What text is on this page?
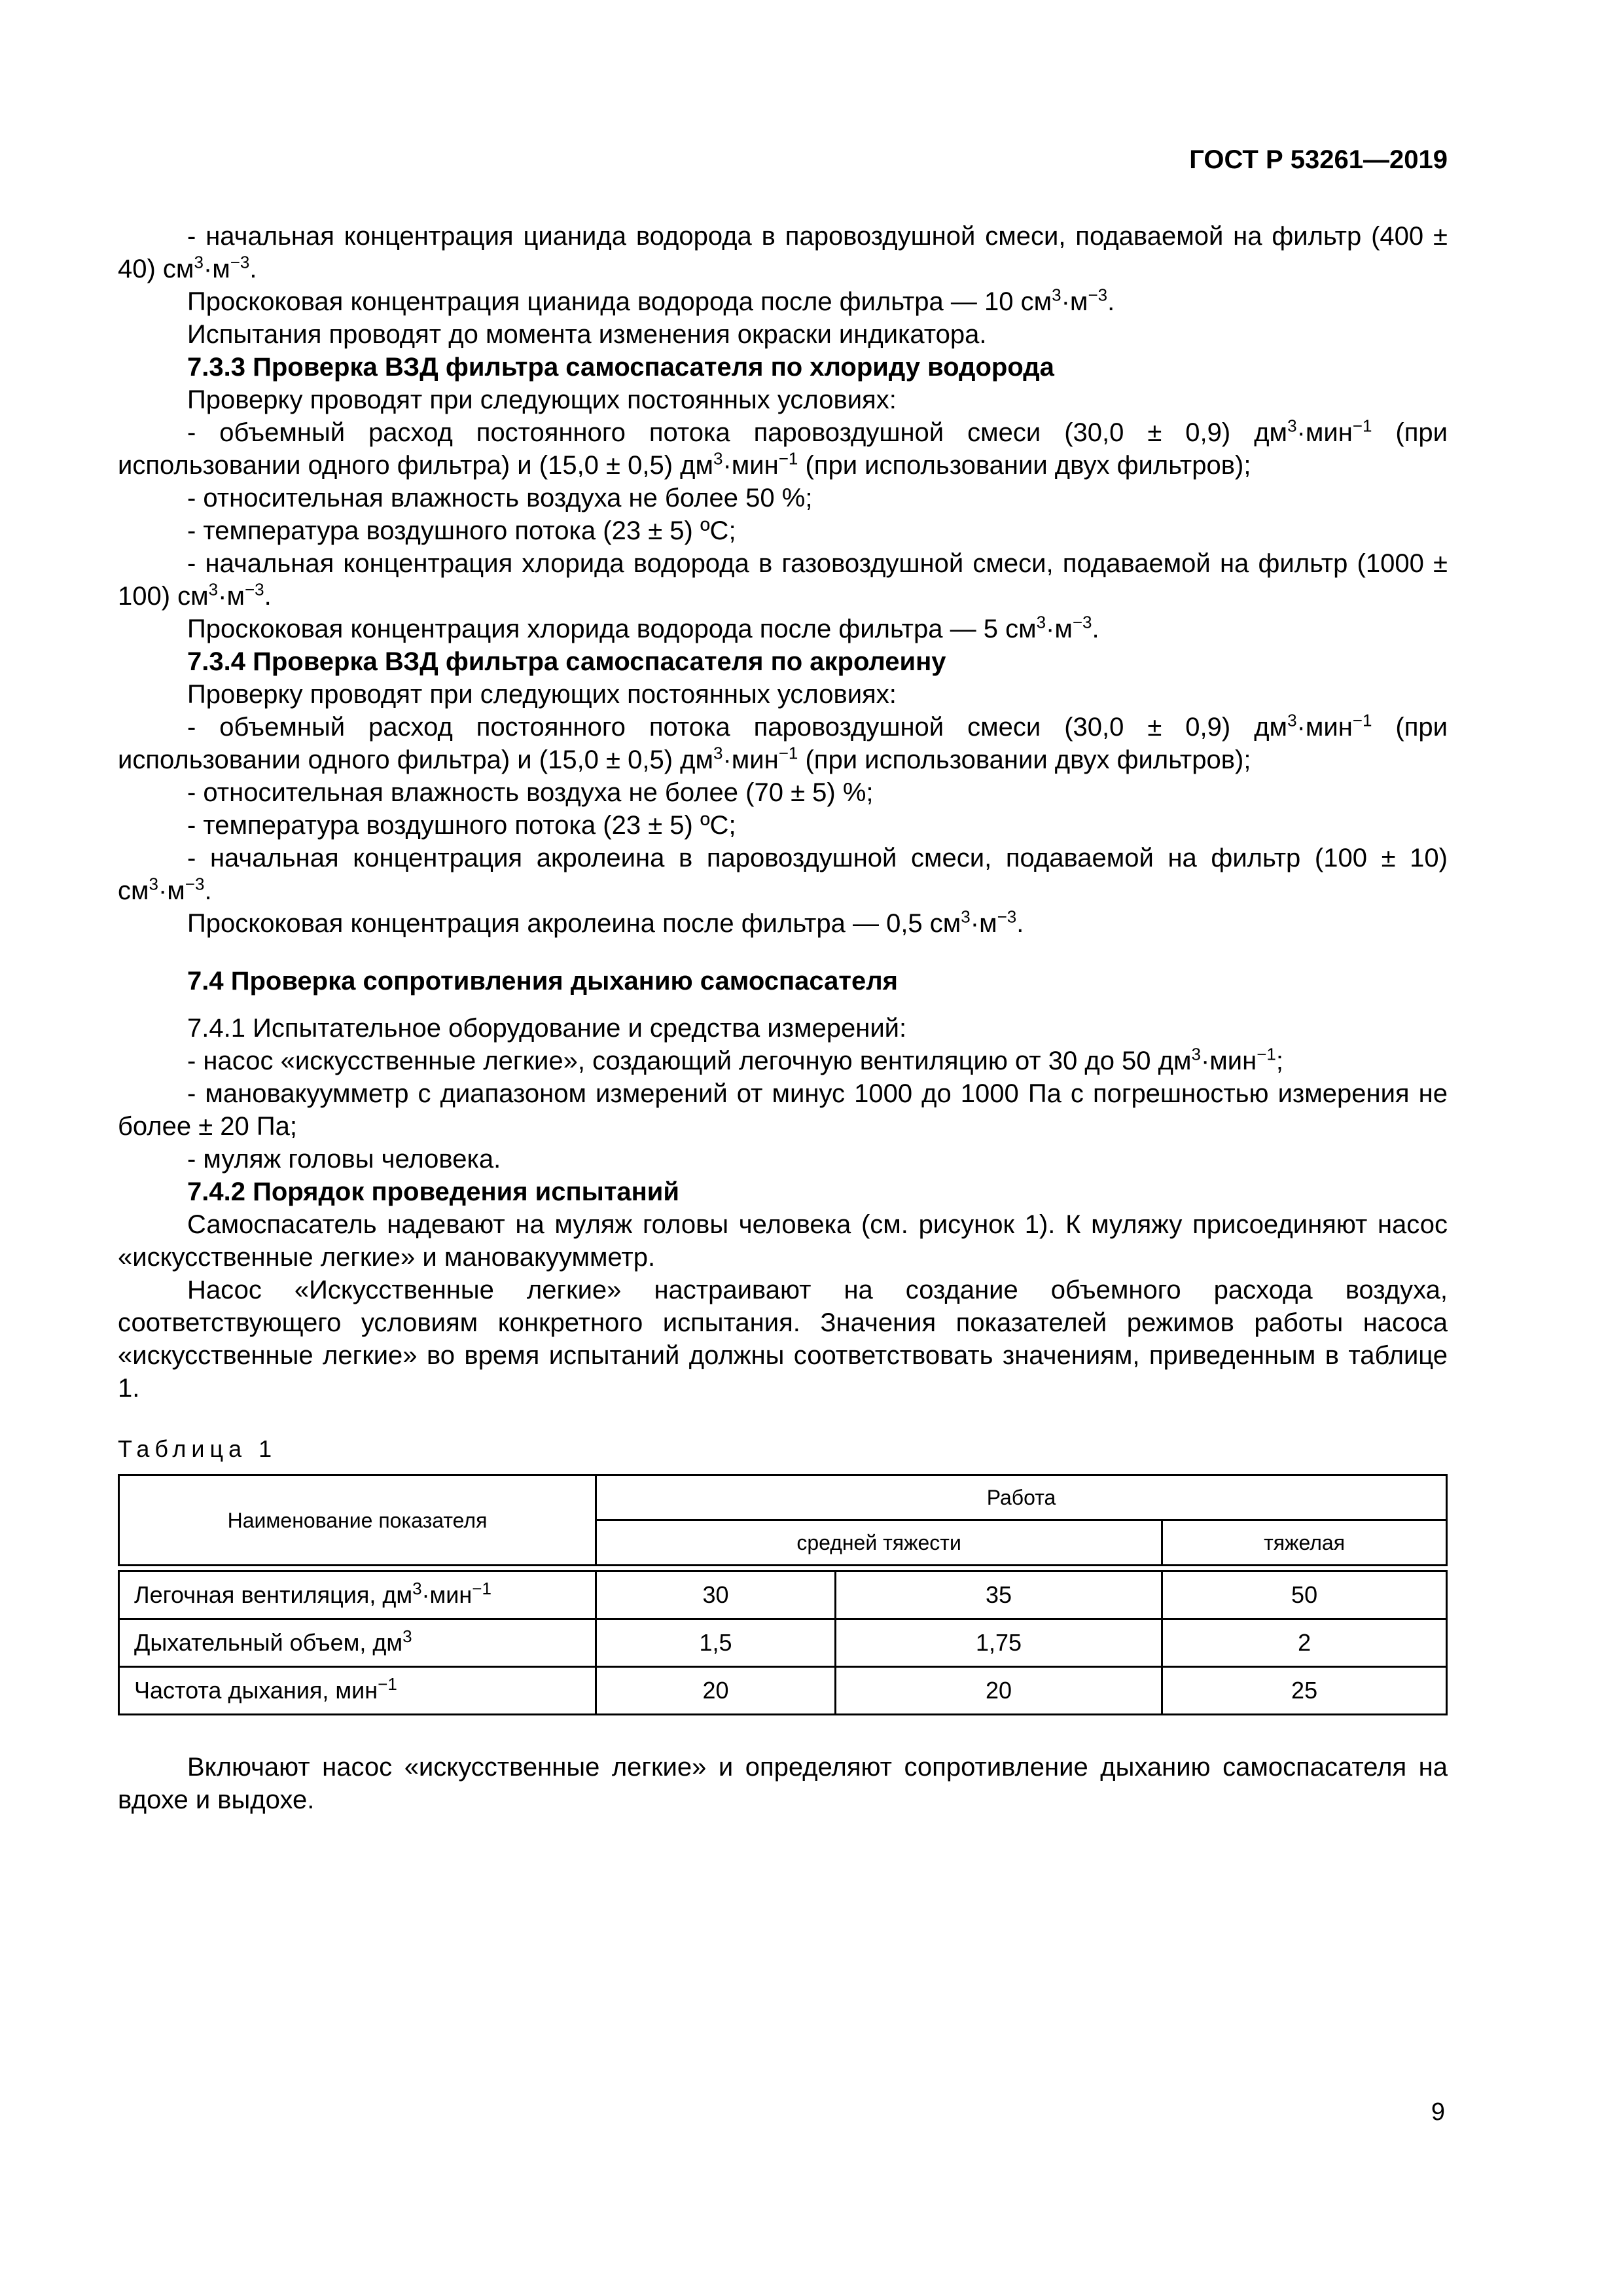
ГОСТ Р 53261—2019

- начальная концентрация цианида водорода в паровоздушной смеси, подаваемой на фильтр (400 ± 40) $см^3\cdot м^{-3}$.

Проскоковая концентрация цианида водорода после фильтра — 10 $см^3\cdot м^{-3}$.

Испытания проводят до момента изменения окраски индикатора.

7.3.3 Проверка ВЗД фильтра самоспасателя по хлориду водорода

Проверку проводят при следующих постоянных условиях:

- объемный расход постоянного потока паровоздушной смеси (30,0 ± 0,9) $дм^3\cdot мин^{-1}$ (при использовании одного фильтра) и (15,0 ± 0,5) $дм^3\cdot мин^{-1}$ (при использовании двух фильтров);

- относительная влажность воздуха не более 50 %;

- температура воздушного потока (23 ± 5) ºС;

- начальная концентрация хлорида водорода в газовоздушной смеси, подаваемой на фильтр (1000 ± 100) $см^3\cdot м^{-3}$.

Проскоковая концентрация хлорида водорода после фильтра — 5 $см^3\cdot м^{-3}$.

7.3.4 Проверка ВЗД фильтра самоспасателя по акролеину

Проверку проводят при следующих постоянных условиях:

- объемный расход постоянного потока паровоздушной смеси (30,0 ± 0,9) $дм^3\cdot мин^{-1}$ (при использовании одного фильтра) и (15,0 ± 0,5) $дм^3\cdot мин^{-1}$ (при использовании двух фильтров);

- относительная влажность воздуха не более (70 ± 5) %;

- температура воздушного потока (23 ± 5) ºС;

- начальная концентрация акролеина в паровоздушной смеси, подаваемой на фильтр (100 ± 10) $см^3\cdot м^{-3}$.

Проскоковая концентрация акролеина после фильтра — 0,5 $см^3\cdot м^{-3}$.

7.4 Проверка сопротивления дыханию самоспасателя

7.4.1 Испытательное оборудование и средства измерений:

- насос «искусственные легкие», создающий легочную вентиляцию от 30 до 50 $дм^3\cdot мин^{-1}$;

- мановакуумметр с диапазоном измерений от минус 1000 до 1000 Па с погрешностью измерения не более ± 20 Па;

- муляж головы человека.

7.4.2 Порядок проведения испытаний

Самоспасатель надевают на муляж головы человека (см. рисунок 1). К муляжу присоединяют насос «искусственные легкие» и мановакуумметр.

Насос «Искусственные легкие» настраивают на создание объемного расхода воздуха, соответствующего условиям конкретного испытания. Значения показателей режимов работы насоса «искусственные легкие» во время испытаний должны соответствовать значениям, приведенным в таблице 1.

Таблица 1
Наименование показателя	Работа		
	средней тяжести		тяжелая

Легочная вентиляция, $дм^3\cdot мин^{-1}$	30	35	50
Дыхательный объем, $дм^3$	1,5	1,75	2
Частота дыхания, мин$^{-1}$	20	20	25

Включают насос «искусственные легкие» и определяют сопротивление дыханию самоспасателя на вдохе и выдохе.

9
